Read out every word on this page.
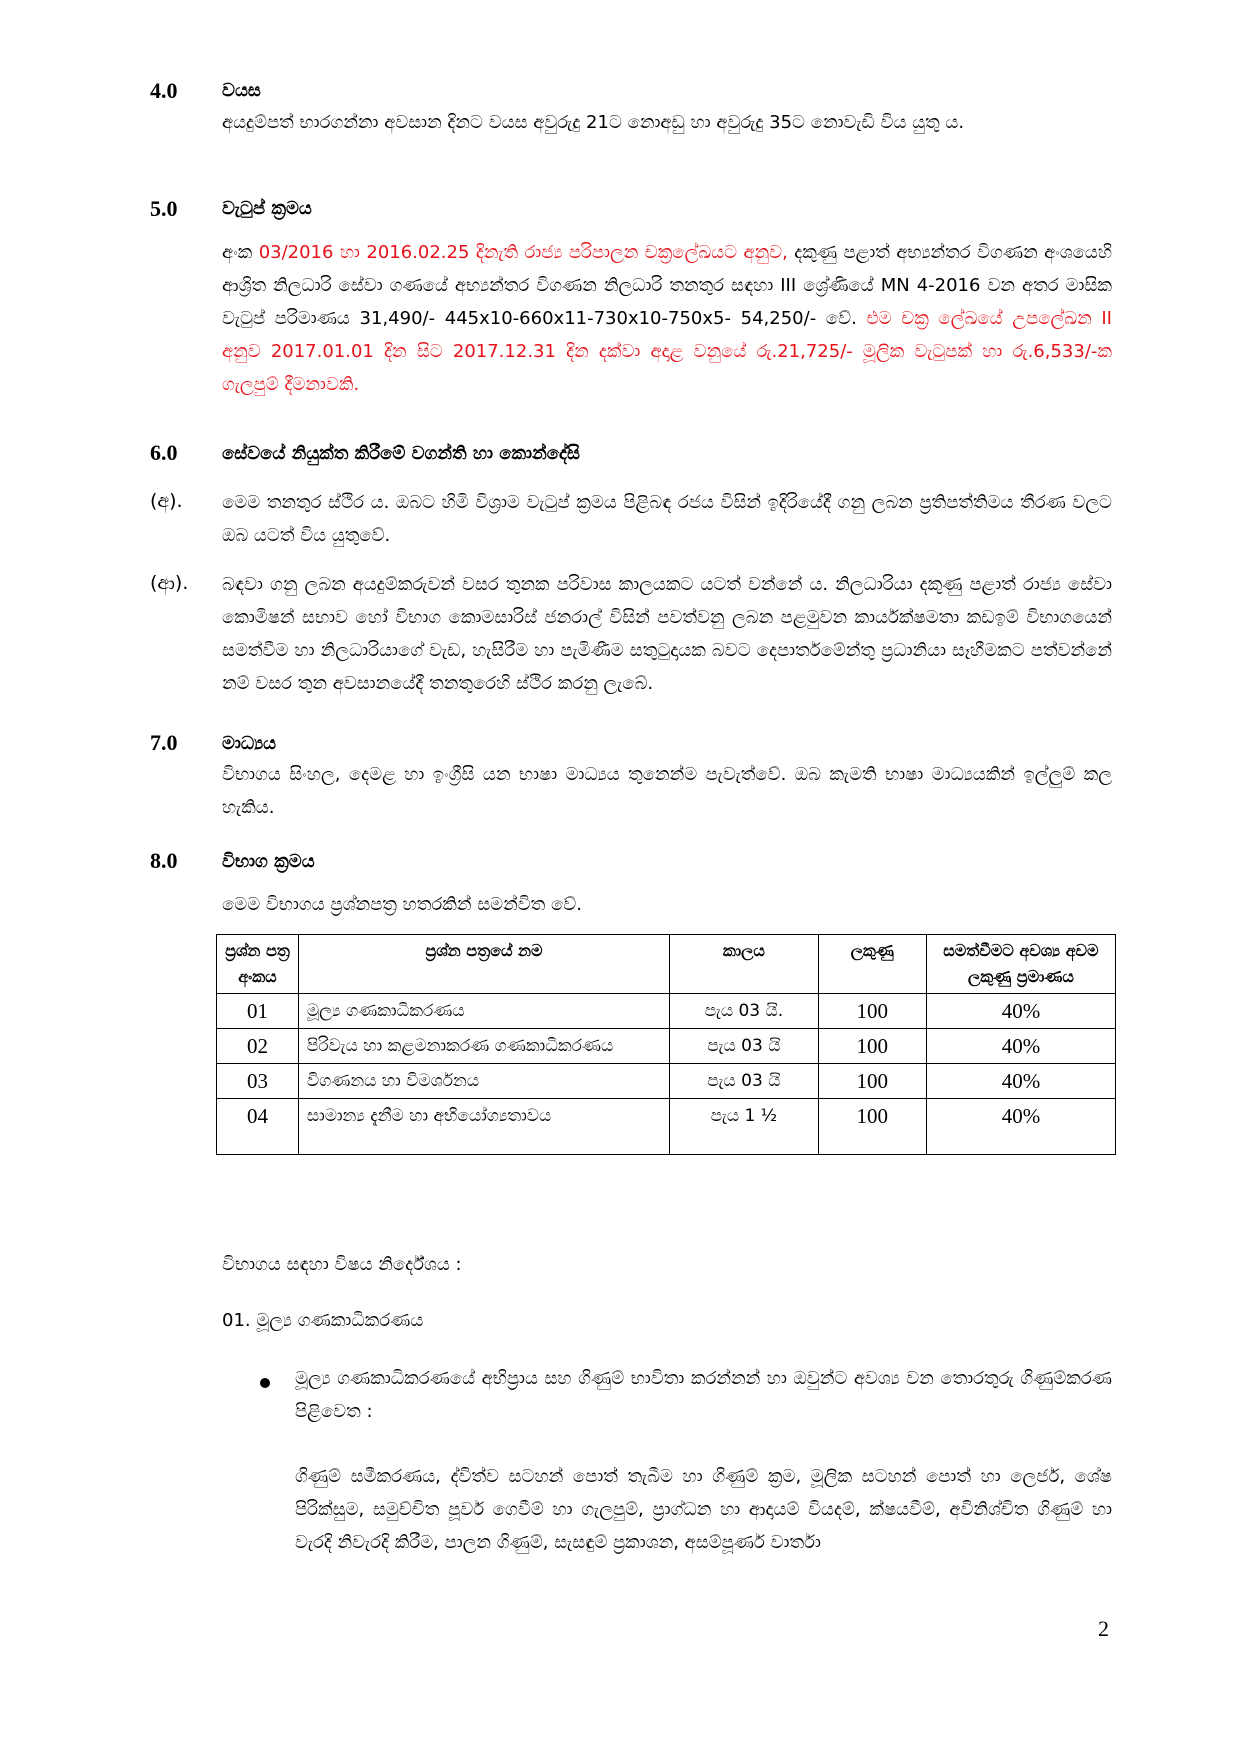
4.0 වයස
අයදුම්පත් භාරගන්නා අවසාන දිනට වයස අවුරුදු 21ට නොඅඩු හා අවුරුදු 35ට නොවැඩි විය යුතු ය.
5.0 වැටුප් ක්‍රමය
අංක 03/2016 හා 2016.02.25 දිනැති රාජ්‍ය පරිපාලන චක්‍රලේඛයට අනුව, දකුණු පළාත් අභ්‍යන්තර විගණන අංශයෙහි ආශ්‍රිත නිලධාරි සේවා ගණයේ අභ්‍යන්තර විගණන නිලධාරි තනතුර සඳහා III ශ්‍රේණියේ MN 4-2016 වන අතර මාසික වැටුප් පරිමාණය 31,490/- 445x10-660x11-730x10-750x5- 54,250/- වේ. එම චක්‍ර ලේඛයේ උපලේඛන II අනුව 2017.01.01 දින සිට 2017.12.31 දින දක්වා අදාළ වනුයේ රු.21,725/- මූලික වැටුපක් හා රු.6,533/-ක ගැලපුම් දීමනාවකි.
6.0 සේවයේ නියුක්ත කිරීමේ වගන්ති හා කොන්දේසි
(අ). මෙම තනතුර ස්ථිර ය. ඔබට හිමි විශ්‍රාම වැටුප් ක්‍රමය පිළිබඳ රජය විසින් ඉදිරියේදී ගනු ලබන ප්‍රතිපත්තිමය තීරණ වලට ඔබ යටත් විය යුතුවේ.
(ආ). බඳවා ගනු ලබන අයදුම්කරුවන් වසර තුනක පරිවාස කාලයකට යටත් වන්නේ ය. නිලධාරියා දකුණු පළාත් රාජ්‍ය සේවා කොමිෂන් සභාව හෝ විභාග කොමසාරිස් ජනරාල් විසින් පවත්වනු ලබන පළමුවන කාර්යක්ෂමතා කඩඉම් විභාගයෙන් සමත්වීම හා නිලධාරියාගේ වැඩ, හැසිරීම හා පැමිණීම සතුටුදායක බවට දෙපාර්තමේන්තු ප්‍රධානියා සෑහීමකට පත්වන්නේ නම් වසර තුන අවසානයේදී තනතුරෙහි ස්ථිර කරනු ලැබේ.
7.0 මාධ්‍යය
විභාගය සිංහල, දෙමළ හා ඉංග්‍රීසි යන භාෂා මාධ්‍යය තුනෙන්ම පැවැත්වේ. ඔබ කැමති භාෂා මාධ්‍යයකින් ඉල්ලුම් කල හැකිය.
8.0 විභාග ක්‍රමය
මෙම විභාගය ප්‍රශ්නපත්‍ර හතරකින් සමන්විත වේ.
ප්‍රශ්න පත්‍ර අංකය	ප්‍රශ්න පත්‍රයේ නම	කාලය	ලකුණු	සමත්වීමට අවශ්‍ය අවම ලකුණු ප්‍රමාණය
01	මූල්‍ය ගණකාධිකරණය	පැය 03 යි.	100	40%
02	පිරිවැය හා කළමනාකරණ ගණකාධිකරණය	පැය 03 යි	100	40%
03	විගණනය හා විමර්ශනය	පැය 03 යි	100	40%
04	සාමාන්‍ය දැනීම හා අභියෝග්‍යතාවය	පැය 1 ½	100	40%
විභාගය සඳහා විෂය නිර්දේශය :
01. මූල්‍ය ගණකාධිකරණය
මූල්‍ය ගණකාධිකරණයේ අභිප්‍රාය සහ ගිණුම් භාවිතා කරන්නන් හා ඔවුන්ට අවශ්‍ය වන තොරතුරු ගිණුම්කරණ පිළිවෙත :
ගිණුම් සමීකරණය, ද්විත්ව සටහන් පොත් තැබීම හා ගිණුම් ක්‍රම, මූලික සටහන් පොත් හා ලෙජර්, ශේෂ පිරික්සුම, සමුච්චිත පූර්ව ගෙවීම් හා ගැලපුම්, ප්‍රාග්ධන හා ආදායම් වියදම්, ක්ෂයවීම්, අවිනිශ්චිත ගිණුම් හා වැරදි නිවැරදි කිරීම, පාලන ගිණුම්, සැසඳුම් ප්‍රකාශන, අසම්පූර්ණ වාර්තා
2
